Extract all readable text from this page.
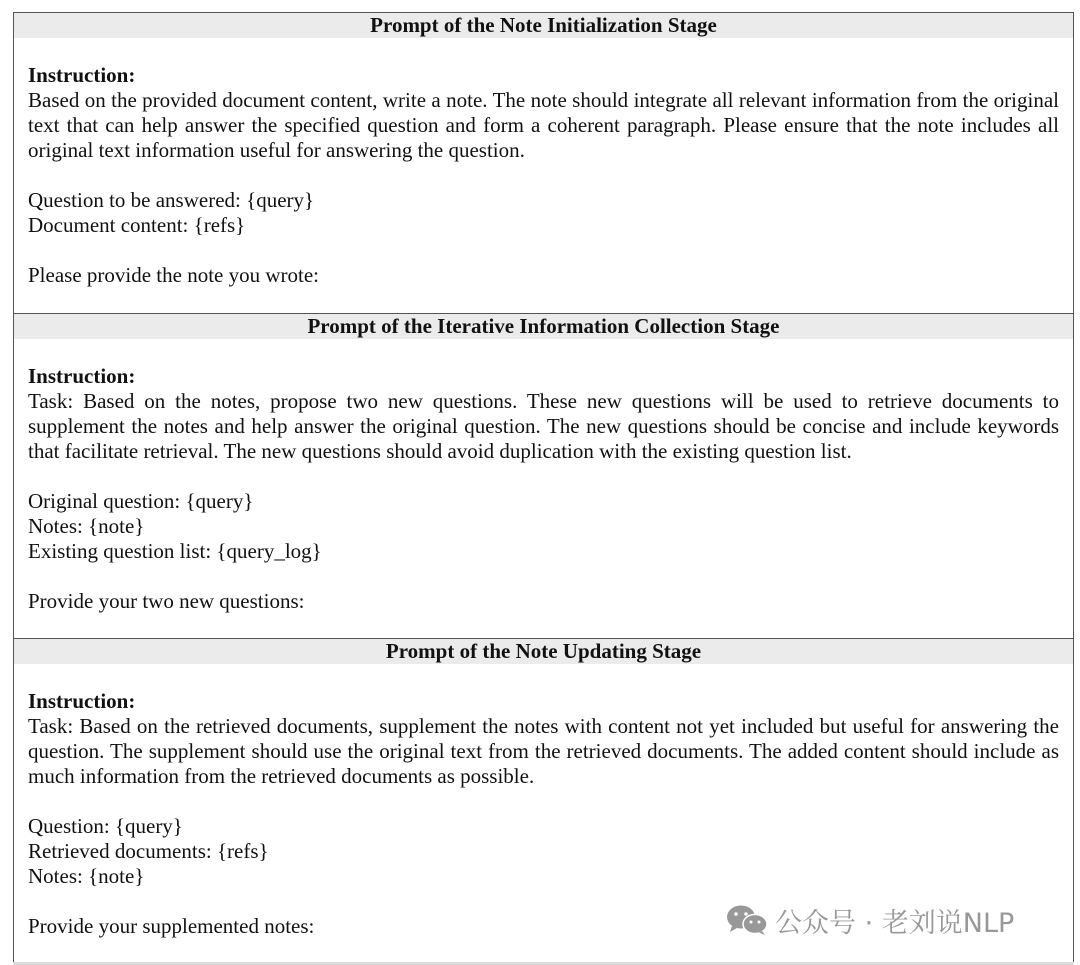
Prompt of the Note Initialization Stage
Instruction:

Based on the provided document content, write a note. The note should integrate all relevant information from the original text that can help answer the specified question and form a coherent paragraph. Please ensure that the note includes all original text information useful for answering the question.

Question to be answered: {query}

Document content: {refs}

Please provide the note you wrote:

Prompt of the Iterative Information Collection Stage
Instruction:

Task: Based on the notes, propose two new questions. These new questions will be used to retrieve documents to supplement the notes and help answer the original question. The new questions should be concise and include keywords that facilitate retrieval. The new questions should avoid duplication with the existing question list.

Original question: {query}

Notes: {note}

Existing question list: {query_log}

Provide your two new questions:

Prompt of the Note Updating Stage
Instruction:

Task: Based on the retrieved documents, supplement the notes with content not yet included but useful for answering the question. The supplement should use the original text from the retrieved documents. The added content should include as much information from the retrieved documents as possible.

Question: {query}

Retrieved documents: {refs}

Notes: {note}

Provide your supplemented notes:	公众号 · 老刘说NLP
